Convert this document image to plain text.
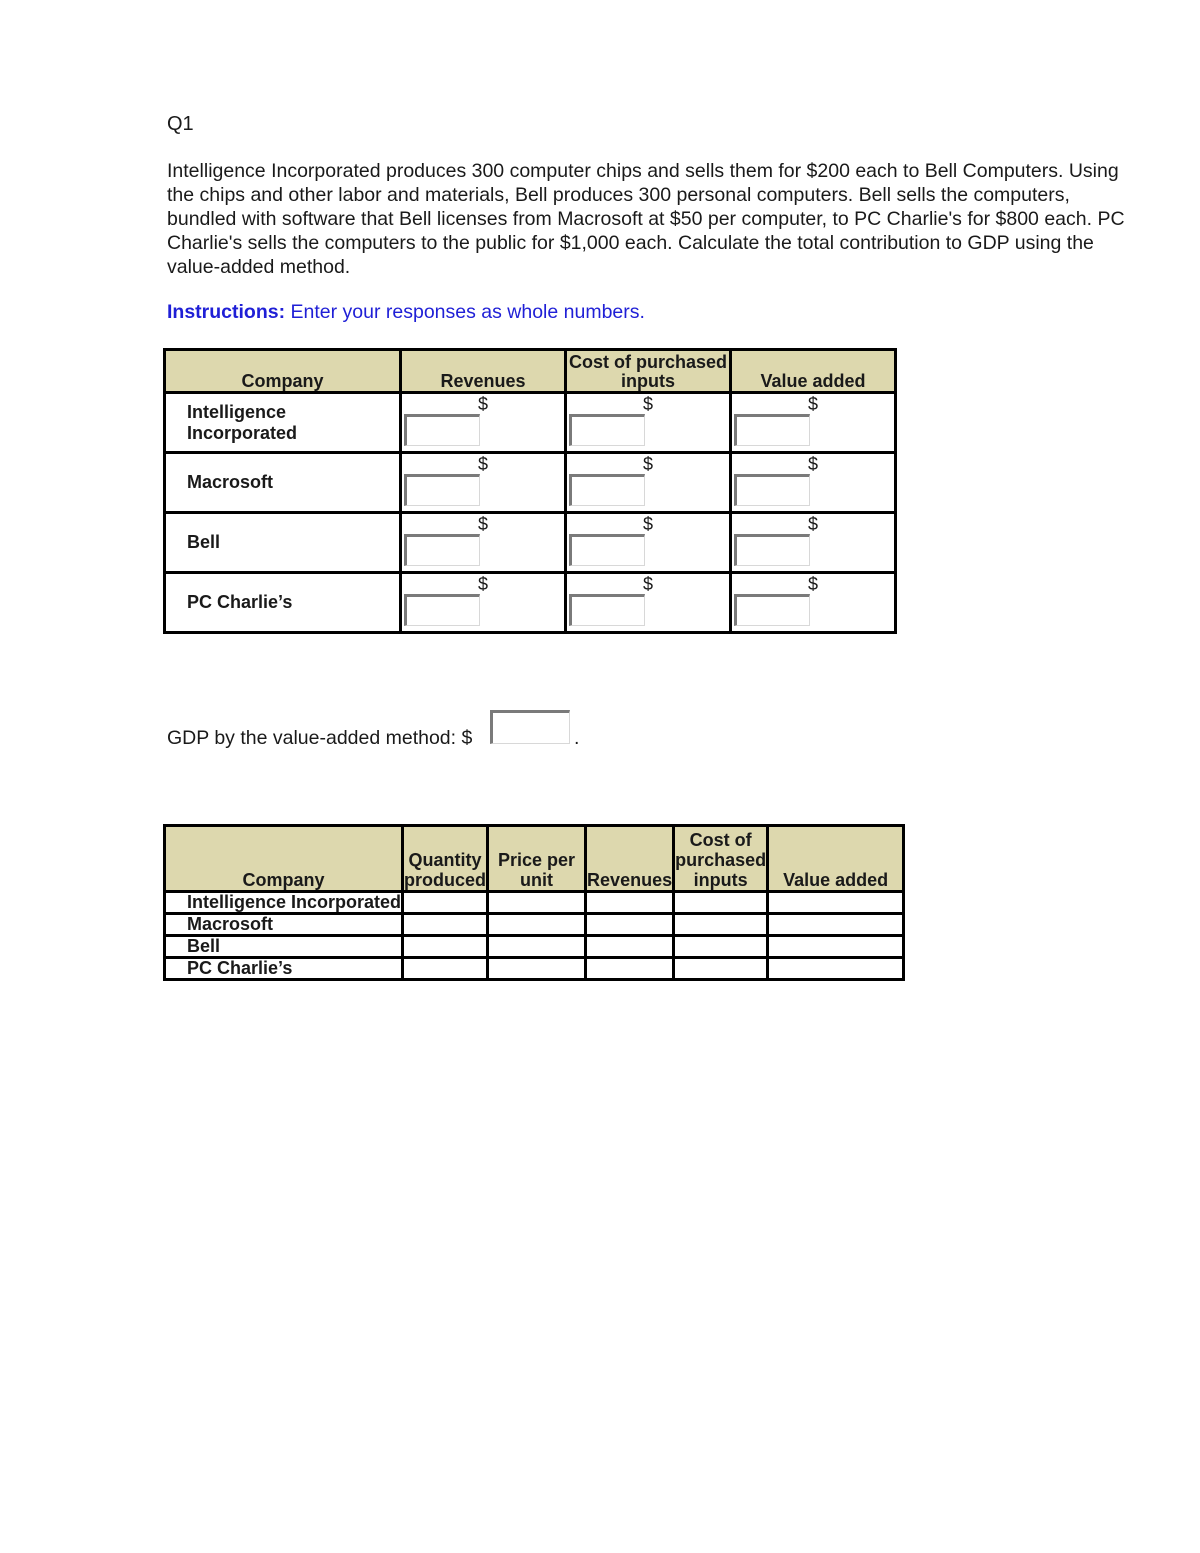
Q1
Intelligence Incorporated produces 300 computer chips and sells them for $200 each to Bell Computers. Using the chips and other labor and materials, Bell produces 300 personal computers. Bell sells the computers, bundled with software that Bell licenses from Macrosoft at $50 per computer, to PC Charlie's for $800 each. PC Charlie's sells the computers to the public for $1,000 each. Calculate the total contribution to GDP using the value-added method.
Instructions: Enter your responses as whole numbers.
Company	Revenues	Cost of purchased inputs	Value added
Intelligence Incorporated	$	$	$

Macrosoft	$	$	$

Bell	$	$	$

PC Charlie’s	$	$	$
GDP by the value-added method: $	.
Company	Quantity produced	Price per unit	Revenues	Cost of purchased inputs	Value added
Intelligence Incorporated					
Macrosoft					
Bell					
PC Charlie’s					
